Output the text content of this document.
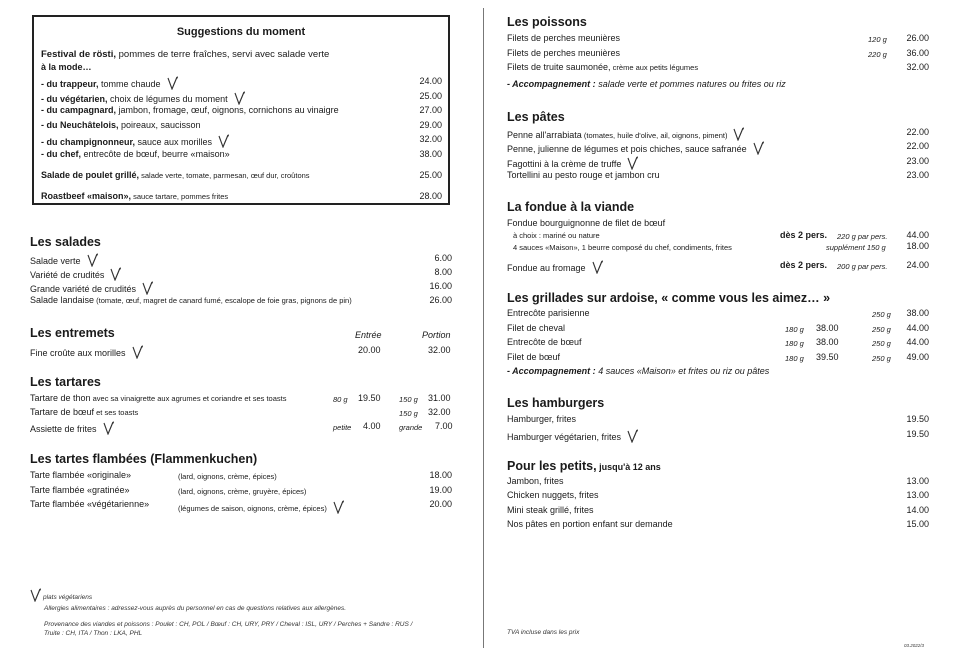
Suggestions du moment
Festival de rösti, pommes de terre fraîches, servi avec salade verte
à la mode…
Salade de poulet grillé, salade verte, tomate, parmesan, œuf dur, croûtons	25.00
Roastbeef «maison», sauce tartare, pommes frites	28.00
- du trappeur, tomme chaude	24.00
- du végétarien, choix de légumes du moment	25.00
- du campagnard, jambon, fromage, œuf, oignons, cornichons au vinaigre	27.00
- du Neuchâtelois, poireaux, saucisson	29.00
- du champignonneur, sauce aux morilles	32.00
- du chef, entrecôte de bœuf, beurre «maison»	38.00
Les salades
Les entremets	Entrée	Portion
Fine croûte aux morilles	20.00	32.00
Les tartares
Tartare de thon avec sa vinaigrette aux agrumes et coriandre et ses toasts	80 g 19.50 150 g 31.00
Tartare de bœuf et ses toasts	150 g 32.00
Assiette de frites	petite 4.00 grande 7.00
Les tartes flambées (Flammenkuchen)
plats végétariens
Allergies alimentaires : adressez-vous auprès du personnel en cas de questions relatives aux allergènes.
Provenance des viandes et poissons : Poulet : CH, POL / Bœuf : CH, URY, PRY / Cheval : ISL, URY / Perches + Sandre : RUS /
Truite : CH, ITA / Thon : LKA, PHL
Les poissons
- Accompagnement : salade verte et pommes natures ou frites ou riz
Les pâtes
La fondue à la viande
Fondue bourguignonne de filet de bœuf
à choix : mariné ou nature	dès 2 pers. 220 g par pers. 44.00
4 sauces «Maison», 1 beurre composé du chef, condiments, frites	supplément 150 g 18.00
Fondue au fromage	dès 2 pers. 200 g par pers. 24.00
Les grillades sur ardoise, « comme vous les aimez… »
- Accompagnement : 4 sauces «Maison» et frites ou riz ou pâtes
Les hamburgers
Pour les petits, jusqu'à 12 ans
TVA incluse dans les prix
03.2022/3
Salade verte	6.00
Variété de crudités	8.00
Grande variété de crudités	16.00
Salade landaise (tomate, œuf, magret de canard fumé, escalope de foie gras, pignons de pin)	26.00
Tarte flambée «originale»	(lard, oignons, crème, épices)	18.00
Tarte flambée «gratinée»	(lard, oignons, crème, gruyère, épices)	19.00
Tarte flambée «végétarienne»	(légumes de saison, oignons, crème, épices)	20.00
Filets de perches meunières	120 g 26.00
Filets de perches meunières	220 g 36.00
Filets de truite saumonée, crème aux petits légumes	32.00
Penne all'arrabiata (tomates, huile d'olive, ail, oignons, piment)	22.00
Penne, julienne de légumes et pois chiches, sauce safranée	22.00
Fagottini à la crème de truffe	23.00
Tortellini au pesto rouge et jambon cru	23.00
Entrecôte parisienne	250 g 38.00
Filet de cheval	180 g 38.00	250 g 44.00
Entrecôte de bœuf	180 g 38.00	250 g 44.00
Filet de bœuf	180 g 39.50	250 g 49.00
Hamburger, frites	19.50
Hamburger végétarien, frites	19.50
Jambon, frites	13.00
Chicken nuggets, frites	13.00
Mini steak grillé, frites	14.00
Nos pâtes en portion enfant sur demande	15.00
